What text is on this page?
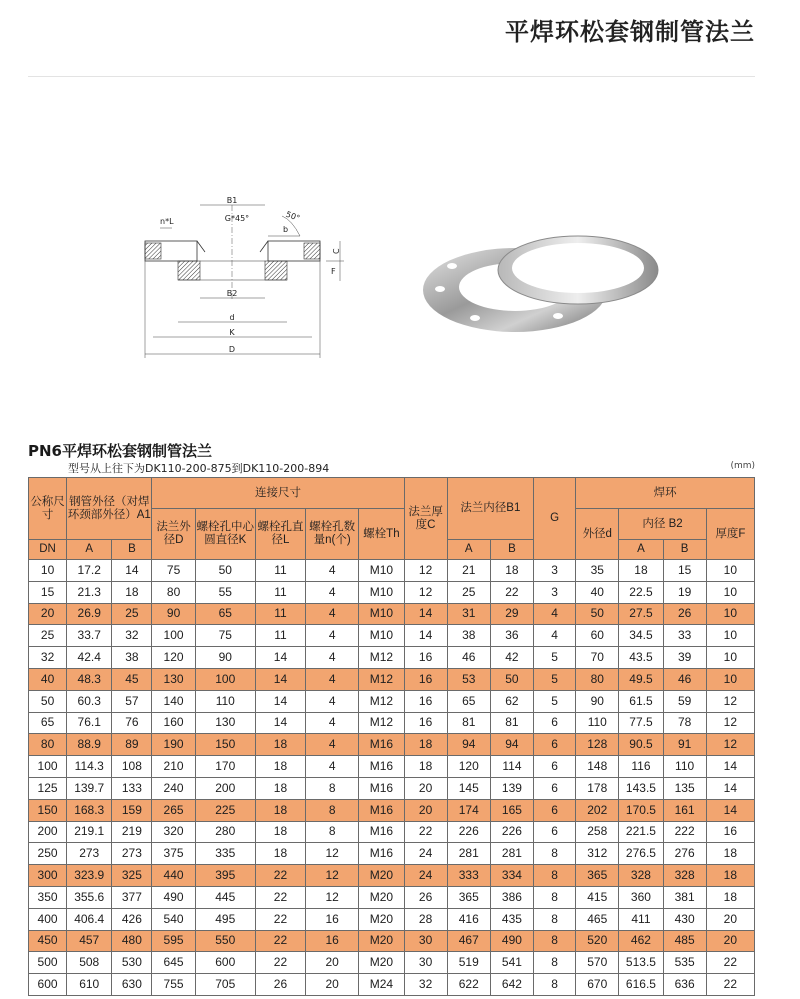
平焊环松套钢制管法兰
B1
G*45°
n*L	50°
b
C
F
B2
d
K
D
PN6平焊环松套钢制管法兰
型号从上往下为DK110-200-875到DK110-200-894	(mm)
公称尺寸	钢管外径（对焊环颈部外径）A1		连接尺寸					法兰厚度C	法兰内径B1		G	焊环			
			法兰外径D	螺栓孔中心圆直径K	螺栓孔直径L	螺栓孔数量n(个)	螺栓Th					外径d	内径 B2		厚度F
DN	A	B							A	B			A	B	
10	17.2	14	75	50	11	4	M10	12	21	18	3	35	18	15	10
15	21.3	18	80	55	11	4	M10	12	25	22	3	40	22.5	19	10
20	26.9	25	90	65	11	4	M10	14	31	29	4	50	27.5	26	10
25	33.7	32	100	75	11	4	M10	14	38	36	4	60	34.5	33	10
32	42.4	38	120	90	14	4	M12	16	46	42	5	70	43.5	39	10
40	48.3	45	130	100	14	4	M12	16	53	50	5	80	49.5	46	10
50	60.3	57	140	110	14	4	M12	16	65	62	5	90	61.5	59	12
65	76.1	76	160	130	14	4	M12	16	81	81	6	110	77.5	78	12
80	88.9	89	190	150	18	4	M16	18	94	94	6	128	90.5	91	12
100	114.3	108	210	170	18	4	M16	18	120	114	6	148	116	110	14
125	139.7	133	240	200	18	8	M16	20	145	139	6	178	143.5	135	14
150	168.3	159	265	225	18	8	M16	20	174	165	6	202	170.5	161	14
200	219.1	219	320	280	18	8	M16	22	226	226	6	258	221.5	222	16
250	273	273	375	335	18	12	M16	24	281	281	8	312	276.5	276	18
300	323.9	325	440	395	22	12	M20	24	333	334	8	365	328	328	18
350	355.6	377	490	445	22	12	M20	26	365	386	8	415	360	381	18
400	406.4	426	540	495	22	16	M20	28	416	435	8	465	411	430	20
450	457	480	595	550	22	16	M20	30	467	490	8	520	462	485	20
500	508	530	645	600	22	20	M20	30	519	541	8	570	513.5	535	22
600	610	630	755	705	26	20	M24	32	622	642	8	670	616.5	636	22
